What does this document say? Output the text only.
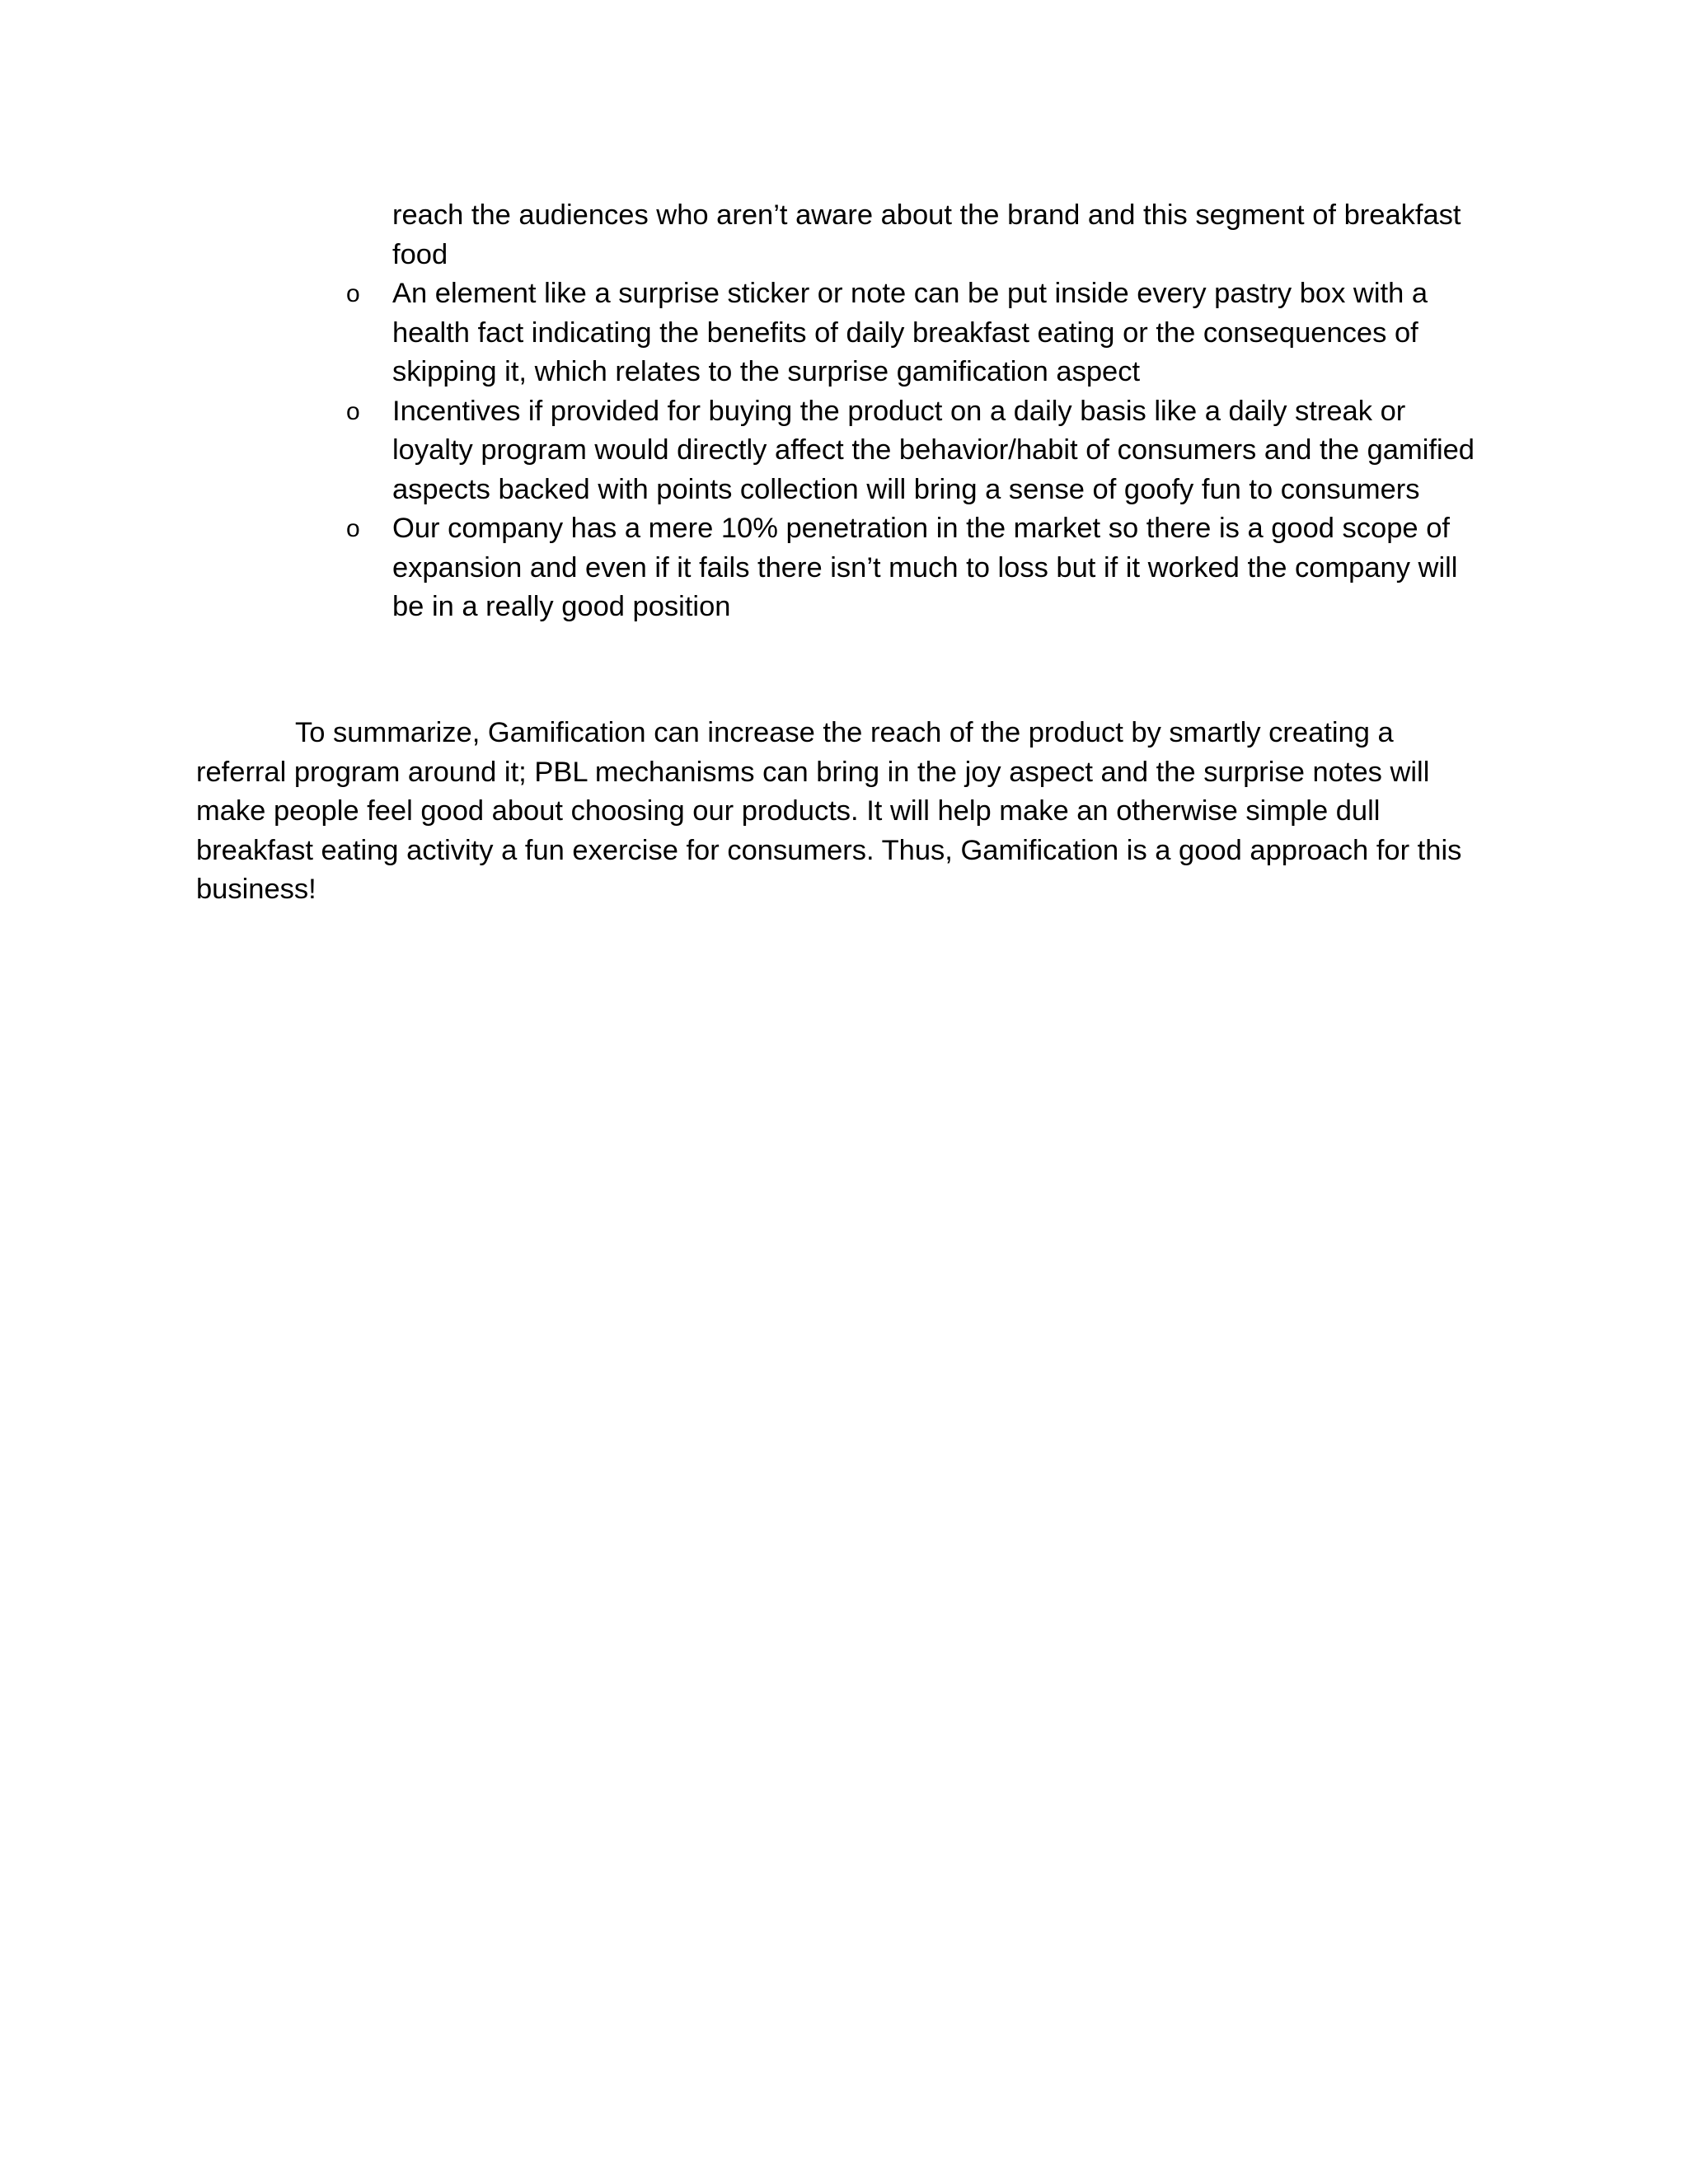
reach the audiences who aren’t aware about the brand and this segment of breakfast food
o An element like a surprise sticker or note can be put inside every pastry box with a health fact indicating the benefits of daily breakfast eating or the consequences of skipping it, which relates to the surprise gamification aspect
o Incentives if provided for buying the product on a daily basis like a daily streak or loyalty program would directly affect the behavior/habit of consumers and the gamified aspects backed with points collection will bring a sense of goofy fun to consumers
o Our company has a mere 10% penetration in the market so there is a good scope of expansion and even if it fails there isn’t much to loss but if it worked the company will be in a really good position

To summarize, Gamification can increase the reach of the product by smartly creating a referral program around it; PBL mechanisms can bring in the joy aspect and the surprise notes will make people feel good about choosing our products. It will help make an otherwise simple dull breakfast eating activity a fun exercise for consumers. Thus, Gamification is a good approach for this business!
